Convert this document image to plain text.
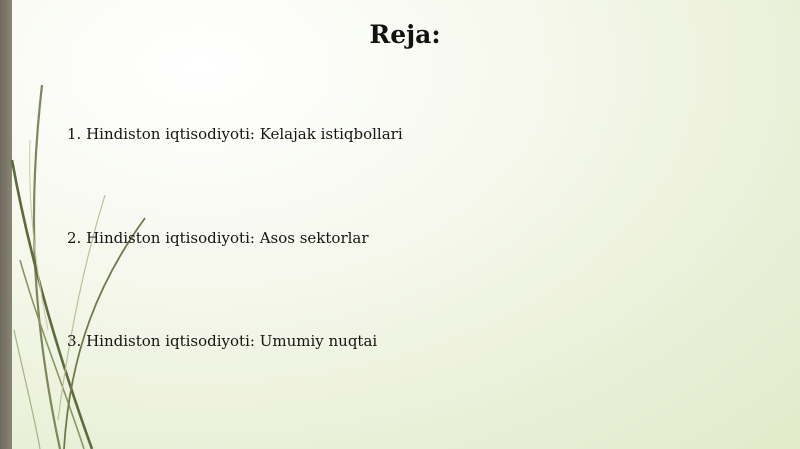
Reja:
1. Hindiston iqtisodiyoti: Kelajak istiqbollari
2. Hindiston iqtisodiyoti: Asos sektorlar
3. Hindiston iqtisodiyoti: Umumiy nuqtai
